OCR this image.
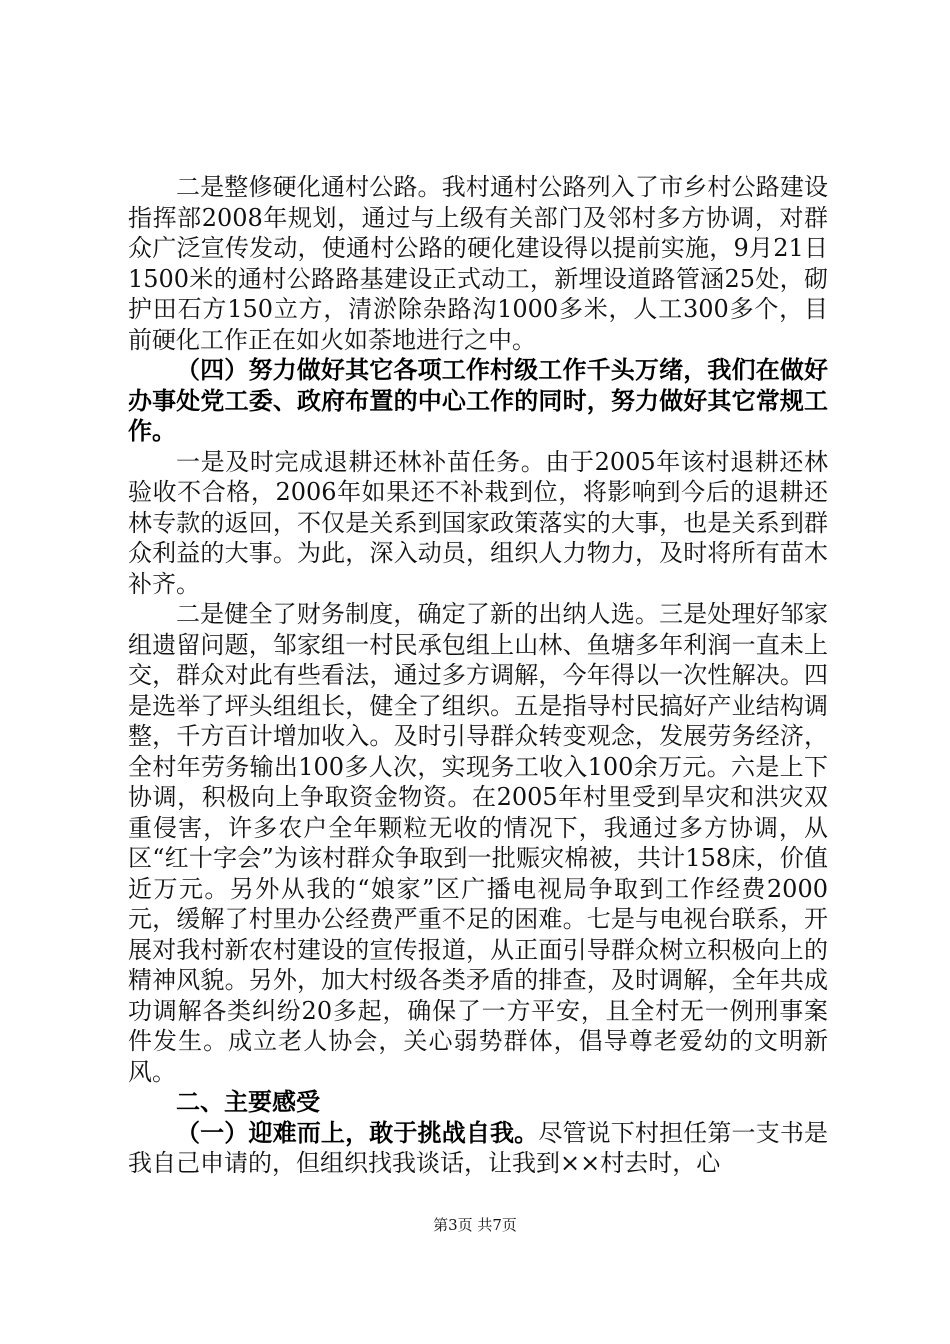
二是整修硬化通村公路。我村通村公路列入了市乡村公路建设指挥部2008年规划，通过与上级有关部门及邻村多方协调，对群众广泛宣传发动，使通村公路的硬化建设得以提前实施，9月21日1500米的通村公路路基建设正式动工，新埋设道路管涵25处，砌护田石方150立方，清淤除杂路沟1000多米，人工300多个，目前硬化工作正在如火如荼地进行之中。

（四）努力做好其它各项工作村级工作千头万绪，我们在做好办事处党工委、政府布置的中心工作的同时，努力做好其它常规工作。

一是及时完成退耕还林补苗任务。由于2005年该村退耕还林验收不合格，2006年如果还不补栽到位，将影响到今后的退耕还林专款的返回，不仅是关系到国家政策落实的大事，也是关系到群众利益的大事。为此，深入动员，组织人力物力，及时将所有苗木补齐。

二是健全了财务制度，确定了新的出纳人选。三是处理好邹家组遗留问题，邹家组一村民承包组上山林、鱼塘多年利润一直未上交，群众对此有些看法，通过多方调解，今年得以一次性解决。四是选举了坪头组组长，健全了组织。五是指导村民搞好产业结构调整，千方百计增加收入。及时引导群众转变观念，发展劳务经济，全村年劳务输出100多人次，实现务工收入100余万元。六是上下协调，积极向上争取资金物资。在2005年村里受到旱灾和洪灾双重侵害，许多农户全年颗粒无收的情况下，我通过多方协调，从区“红十字会”为该村群众争取到一批赈灾棉被，共计158床，价值近万元。另外从我的“娘家”区广播电视局争取到工作经费2000元，缓解了村里办公经费严重不足的困难。七是与电视台联系，开展对我村新农村建设的宣传报道，从正面引导群众树立积极向上的精神风貌。另外，加大村级各类矛盾的排查，及时调解，全年共成功调解各类纠纷20多起，确保了一方平安，且全村无一例刑事案件发生。成立老人协会，关心弱势群体，倡导尊老爱幼的文明新风。

二、主要感受

（一）迎难而上，敢于挑战自我。尽管说下村担任第一支书是我自己申请的，但组织找我谈话，让我到××村去时，心

第3页 共7页
